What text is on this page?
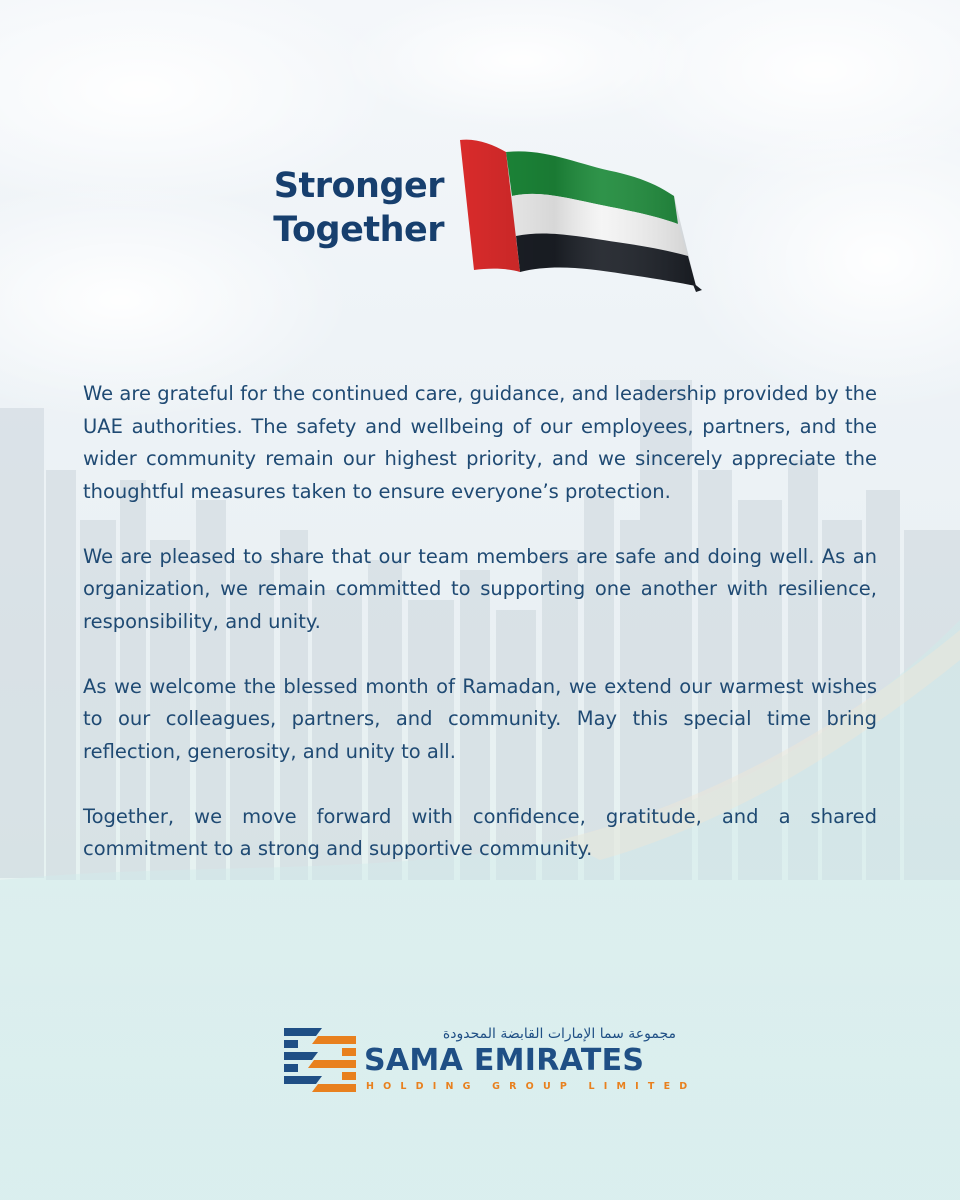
Stronger
Together

We are grateful for the continued care, guidance, and leadership provided by the UAE authorities. The safety and wellbeing of our employees, partners, and the wider community remain our highest priority, and we sincerely appreciate the thoughtful measures taken to ensure everyone’s protection.

We are pleased to share that our team members are safe and doing well. As an organization, we remain committed to supporting one another with resilience, responsibility, and unity.

As we welcome the blessed month of Ramadan, we extend our warmest wishes to our colleagues, partners, and community. May this special time bring reflection, generosity, and unity to all.

Together, we move forward with confidence, gratitude, and a shared commitment to a strong and supportive community.

مجموعة سما الإمارات القابضة المحدودة
SAMA EMIRATES
HOLDING GROUP LIMITED
